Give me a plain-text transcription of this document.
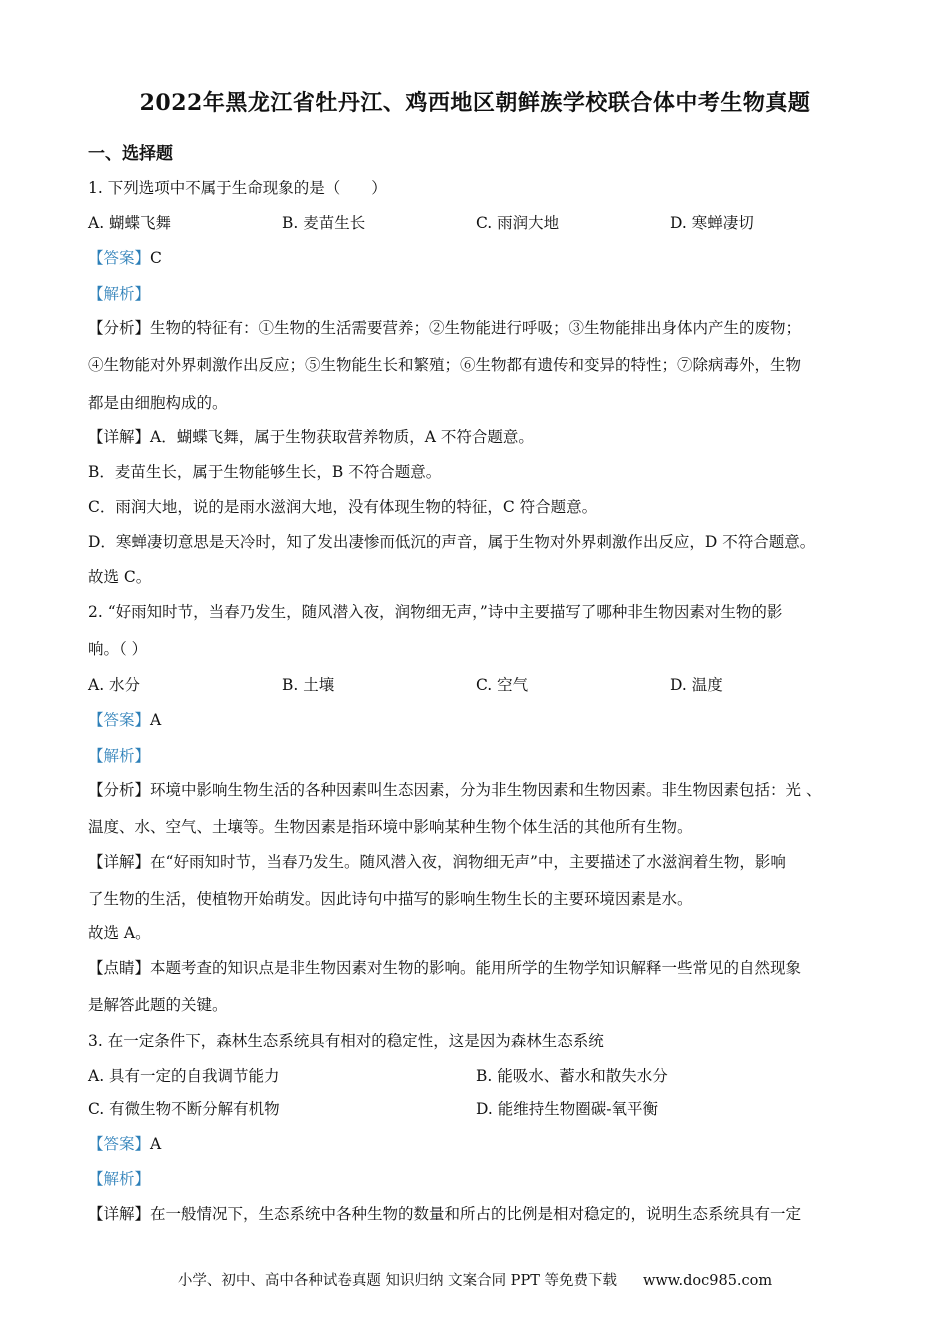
2022年黑龙江省牡丹江、鸡西地区朝鲜族学校联合体中考生物真题
一、选择题
1. 下列选项中不属于生命现象的是（　　）
A. 蝴蝶飞舞	B. 麦苗生长	C. 雨润大地	D. 寒蝉凄切
【答案】C
【解析】
【分析】生物的特征有：①生物的生活需要营养；②生物能进行呼吸；③生物能排出身体内产生的废物；
④生物能对外界刺激作出反应；⑤生物能生长和繁殖；⑥生物都有遗传和变异的特性；⑦除病毒外，生物
都是由细胞构成的。
【详解】A．蝴蝶飞舞，属于生物获取营养物质，A 不符合题意。
B．麦苗生长，属于生物能够生长，B 不符合题意。
C．雨润大地，说的是雨水滋润大地，没有体现生物的特征，C 符合题意。
D．寒蝉凄切意思是天冷时，知了发出凄惨而低沉的声音，属于生物对外界刺激作出反应，D 不符合题意。
故选 C。
2. “好雨知时节，当春乃发生，随风潜入夜，润物细无声，”诗中主要描写了哪种非生物因素对生物的影
响。（ ）
A. 水分	B. 土壤	C. 空气	D. 温度
【答案】A
【解析】
【分析】环境中影响生物生活的各种因素叫生态因素，分为非生物因素和生物因素。非生物因素包括：光 、
温度、水、空气、土壤等。生物因素是指环境中影响某种生物个体生活的其他所有生物。
【详解】在“好雨知时节，当春乃发生。随风潜入夜，润物细无声”中，主要描述了水滋润着生物，影响
了生物的生活，使植物开始萌发。因此诗句中描写的影响生物生长的主要环境因素是水。
故选 A。
【点睛】本题考查的知识点是非生物因素对生物的影响。能用所学的生物学知识解释一些常见的自然现象
是解答此题的关键。
3. 在一定条件下，森林生态系统具有相对的稳定性，这是因为森林生态系统
A. 具有一定的自我调节能力	B. 能吸水、蓄水和散失水分
C. 有微生物不断分解有机物	D. 能维持生物圈碳-氧平衡
【答案】A
【解析】
【详解】在一般情况下，生态系统中各种生物的数量和所占的比例是相对稳定的，说明生态系统具有一定
小学、初中、高中各种试卷真题 知识归纳 文案合同 PPT 等免费下载 www.doc985.com
